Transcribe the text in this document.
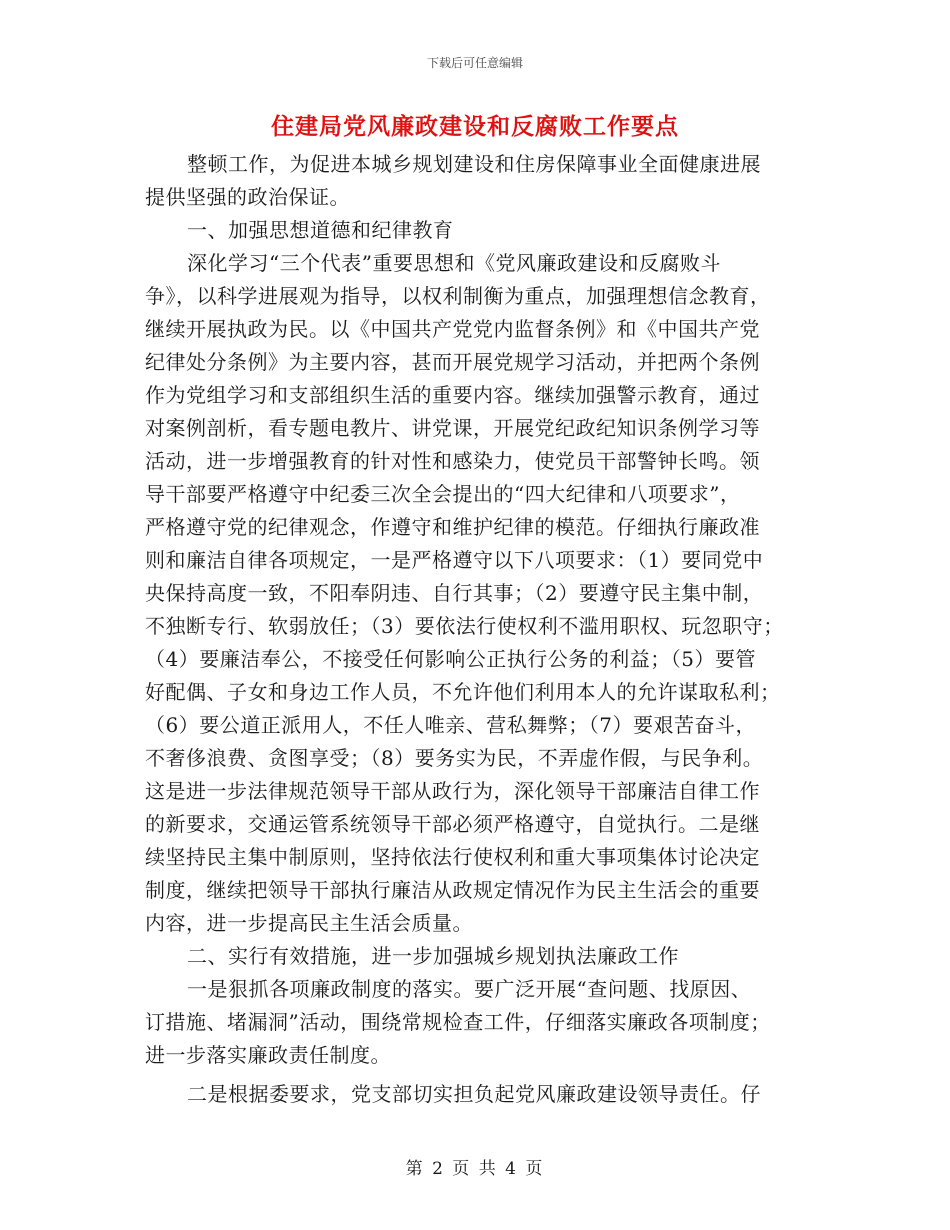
下载后可任意编辑
住建局党风廉政建设和反腐败工作要点
整顿工作，为促进本城乡规划建设和住房保障事业全面健康进展
提供坚强的政治保证。
一、加强思想道德和纪律教育
深化学习“三个代表”重要思想和《党风廉政建设和反腐败斗
争》，以科学进展观为指导，以权利制衡为重点，加强理想信念教育，
继续开展执政为民。以《中国共产党党内监督条例》和《中国共产党
纪律处分条例》为主要内容，甚而开展党规学习活动，并把两个条例
作为党组学习和支部组织生活的重要内容。继续加强警示教育，通过
对案例剖析，看专题电教片、讲党课，开展党纪政纪知识条例学习等
活动，进一步增强教育的针对性和感染力，使党员干部警钟长鸣。领
导干部要严格遵守中纪委三次全会提出的“四大纪律和八项要求”，
严格遵守党的纪律观念，作遵守和维护纪律的模范。仔细执行廉政准
则和廉洁自律各项规定，一是严格遵守以下八项要求：（1）要同党中
央保持高度一致，不阳奉阴违、自行其事；（2）要遵守民主集中制，
不独断专行、软弱放任；（3）要依法行使权利不滥用职权、玩忽职守；
（4）要廉洁奉公，不接受任何影响公正执行公务的利益；（5）要管
好配偶、子女和身边工作人员，不允许他们利用本人的允许谋取私利；
（6）要公道正派用人，不任人唯亲、营私舞弊；（7）要艰苦奋斗，
不奢侈浪费、贪图享受；（8）要务实为民，不弄虚作假，与民争利。
这是进一步法律规范领导干部从政行为，深化领导干部廉洁自律工作
的新要求，交通运管系统领导干部必须严格遵守，自觉执行。二是继
续坚持民主集中制原则，坚持依法行使权利和重大事项集体讨论决定
制度，继续把领导干部执行廉洁从政规定情况作为民主生活会的重要
内容，进一步提高民主生活会质量。
二、实行有效措施，进一步加强城乡规划执法廉政工作
一是狠抓各项廉政制度的落实。要广泛开展“查问题、找原因、
订措施、堵漏洞”活动，围绕常规检查工件，仔细落实廉政各项制度；
进一步落实廉政责任制度。
二是根据委要求，党支部切实担负起党风廉政建设领导责任。仔
第 2 页 共 4 页
